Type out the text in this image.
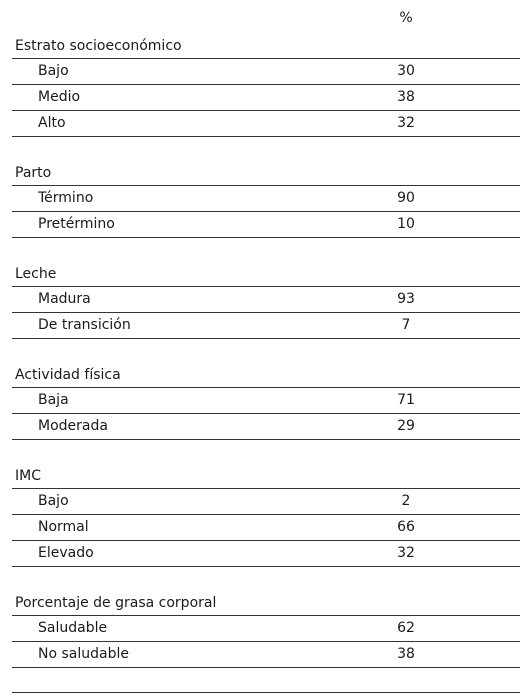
%
Estrato socioeconómico
Bajo	30
Medio	38
Alto	32
Parto
Término	90
Pretérmino	10
Leche
Madura	93
De transición	7
Actividad física
Baja	71
Moderada	29
IMC
Bajo	2
Normal	66
Elevado	32
Porcentaje de grasa corporal
Saludable	62
No saludable	38
